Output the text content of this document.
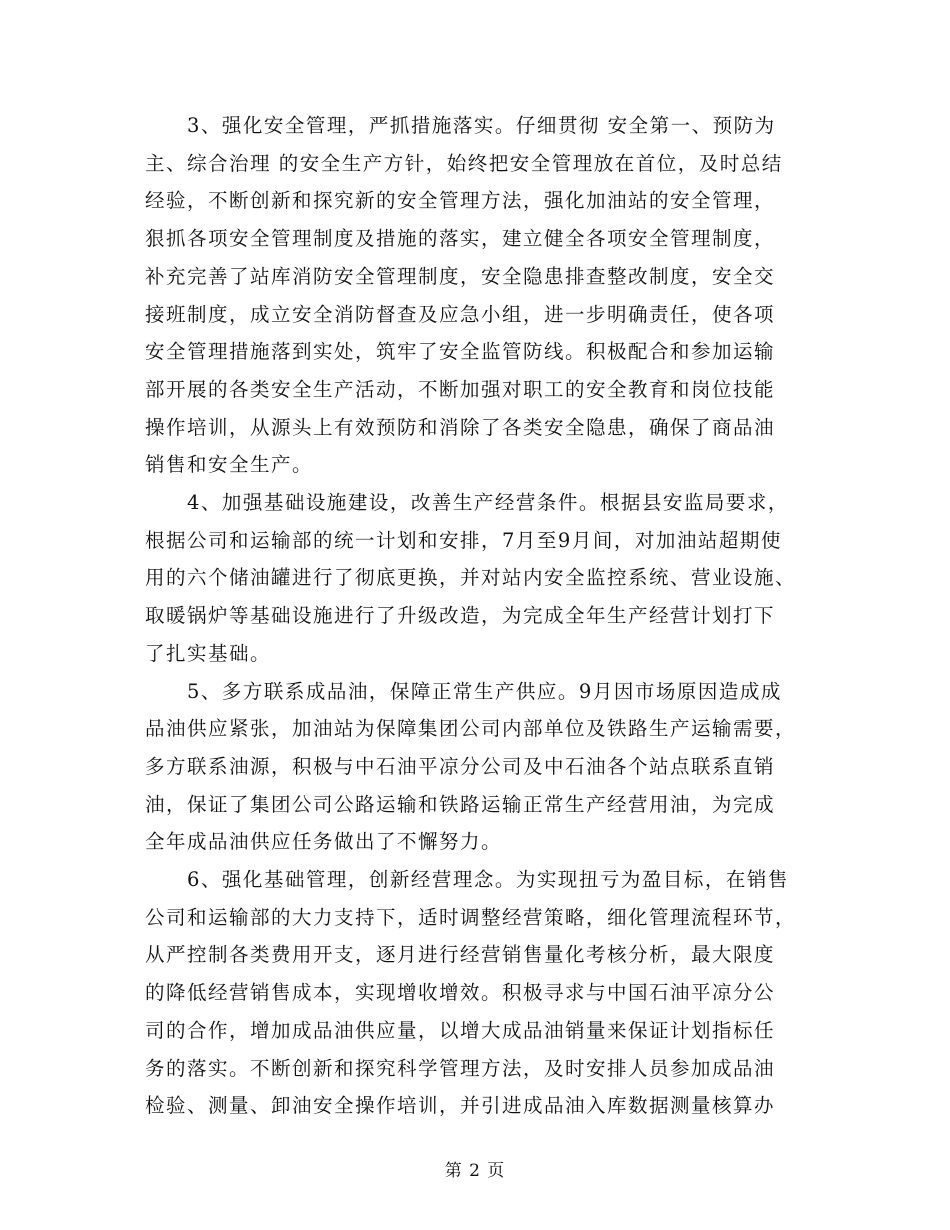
3、强化安全管理，严抓措施落实。仔细贯彻 安全第一、预防为
主、综合治理 的安全生产方针，始终把安全管理放在首位，及时总结
经验，不断创新和探究新的安全管理方法，强化加油站的安全管理，
狠抓各项安全管理制度及措施的落实，建立健全各项安全管理制度，
补充完善了站库消防安全管理制度，安全隐患排查整改制度，安全交
接班制度，成立安全消防督查及应急小组，进一步明确责任，使各项
安全管理措施落到实处，筑牢了安全监管防线。积极配合和参加运输
部开展的各类安全生产活动，不断加强对职工的安全教育和岗位技能
操作培训，从源头上有效预防和消除了各类安全隐患，确保了商品油
销售和安全生产。

4、加强基础设施建设，改善生产经营条件。根据县安监局要求，
根据公司和运输部的统一计划和安排，7月至9月间，对加油站超期使
用的六个储油罐进行了彻底更换，并对站内安全监控系统、营业设施、
取暖锅炉等基础设施进行了升级改造，为完成全年生产经营计划打下
了扎实基础。

5、多方联系成品油，保障正常生产供应。9月因市场原因造成成
品油供应紧张，加油站为保障集团公司内部单位及铁路生产运输需要，
多方联系油源，积极与中石油平凉分公司及中石油各个站点联系直销
油，保证了集团公司公路运输和铁路运输正常生产经营用油，为完成
全年成品油供应任务做出了不懈努力。

6、强化基础管理，创新经营理念。为实现扭亏为盈目标，在销售
公司和运输部的大力支持下，适时调整经营策略，细化管理流程环节，
从严控制各类费用开支，逐月进行经营销售量化考核分析，最大限度
的降低经营销售成本，实现增收增效。积极寻求与中国石油平凉分公
司的合作，增加成品油供应量，以增大成品油销量来保证计划指标任
务的落实。不断创新和探究科学管理方法，及时安排人员参加成品油
检验、测量、卸油安全操作培训，并引进成品油入库数据测量核算办

第 2 页
